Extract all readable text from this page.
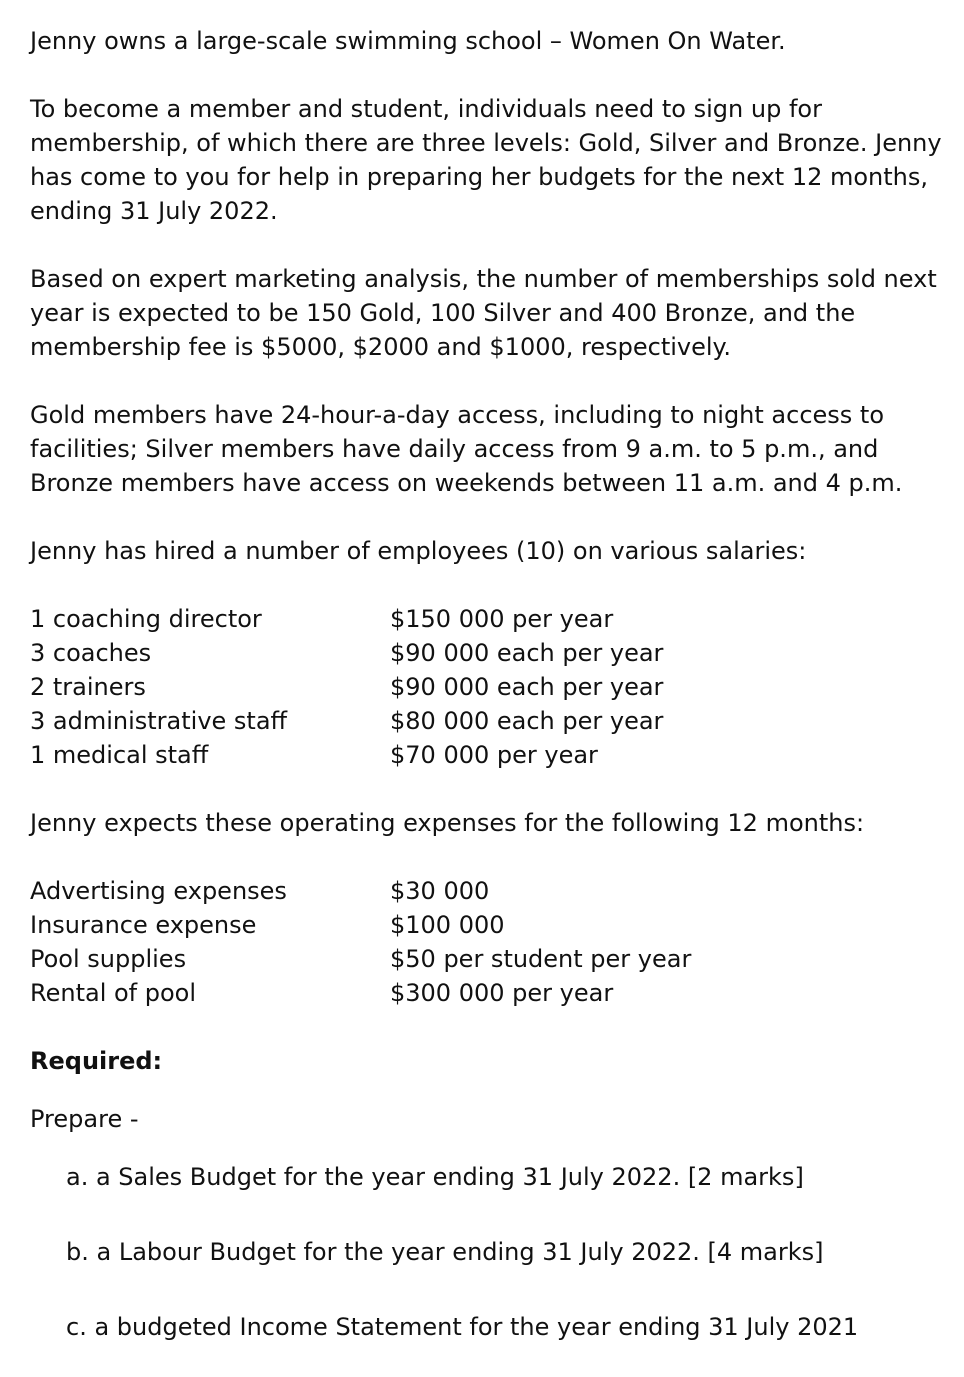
Jenny owns a large-scale swimming school – Women On Water.

To become a member and student, individuals need to sign up for membership, of which there are three levels: Gold, Silver and Bronze. Jenny has come to you for help in preparing her budgets for the next 12 months, ending 31 July 2022.

Based on expert marketing analysis, the number of memberships sold next year is expected to be 150 Gold, 100 Silver and 400 Bronze, and the membership fee is $5000, $2000 and $1000, respectively.

Gold members have 24-hour-a-day access, including to night access to facilities; Silver members have daily access from 9 a.m. to 5 p.m., and Bronze members have access on weekends between 11 a.m. and 4 p.m.

Jenny has hired a number of employees (10) on various salaries:

1 coaching director	$150 000 per year
3 coaches	$90 000 each per year
2 trainers	$90 000 each per year
3 administrative staff	$80 000 each per year
1 medical staff	$70 000 per year

Jenny expects these operating expenses for the following 12 months:

Advertising expenses	$30 000
Insurance expense	$100 000
Pool supplies	$50 per student per year
Rental of pool	$300 000 per year

Required:

Prepare -

a. a Sales Budget for the year ending 31 July 2022. [2 marks]

b. a Labour Budget for the year ending 31 July 2022. [4 marks]

c. a budgeted Income Statement for the year ending 31 July 2021
